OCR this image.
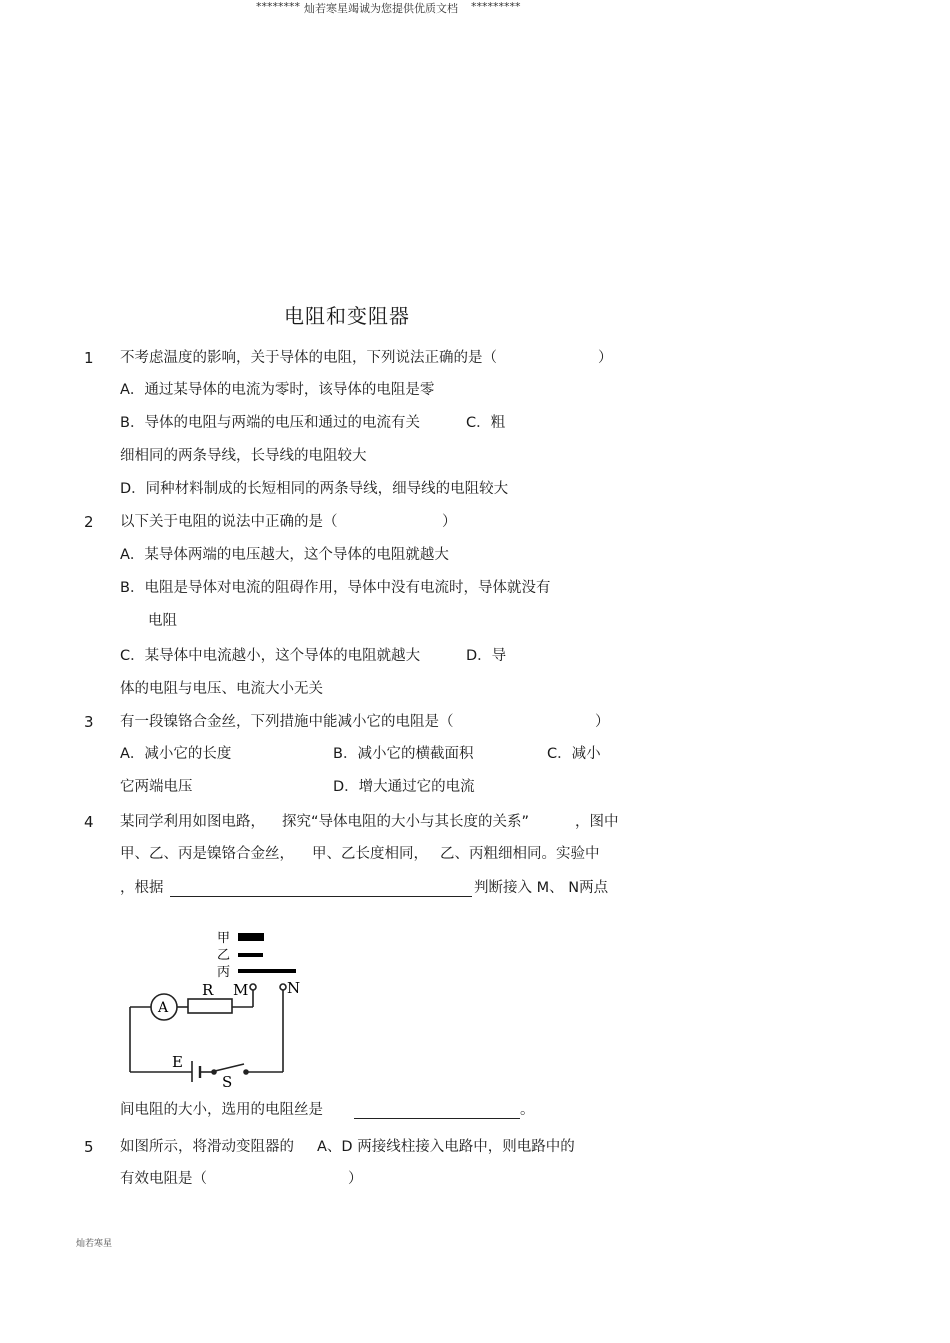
******** 灿若寒星竭诚为您提供优质文档 *********
电阻和变阻器
1 不考虑温度的影响，关于导体的电阻，下列说法正确的是（	）
A．通过某导体的电流为零时，该导体的电阻是零
B．导体的电阻与两端的电压和通过的电流有关	C．粗
细相同的两条导线，长导线的电阻较大
D．同种材料制成的长短相同的两条导线，细导线的电阻较大
2 以下关于电阻的说法中正确的是（	）
A．某导体两端的电压越大，这个导体的电阻就越大
B．电阻是导体对电流的阻碍作用，导体中没有电流时，导体就没有
电阻
C．某导体中电流越小，这个导体的电阻就越大	D．导
体的电阻与电压、电流大小无关
3 有一段镍铬合金丝，下列措施中能减小它的电阻是（	）
A．减小它的长度	B．减小它的横截面积	C．减小
它两端电压	D．增大通过它的电流
4 某同学利用如图电路， 探究“导体电阻的大小与其长度的关系”	，图中
甲、乙、丙是镍铬合金丝， 甲、乙长度相同， 乙、丙粗细相同。实验中
，根据	判断接入 M、 N两点
甲
乙
丙
A
R M	N
E
S
间电阻的大小，选用的电阻丝是	。
5 如图所示，将滑动变阻器的 A、D 两接线柱接入电路中，则电路中的
有效电阻是（	）
灿若寒星
